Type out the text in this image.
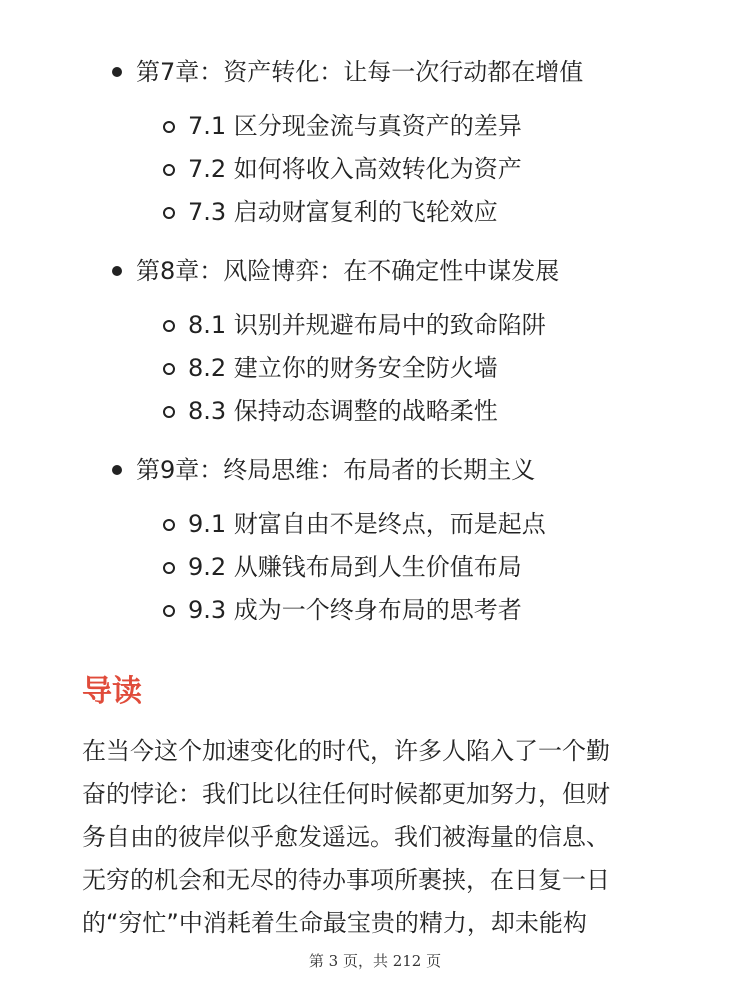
第7章：资产转化：让每一次行动都在增值
7.1 区分现金流与真资产的差异
7.2 如何将收入高效转化为资产
7.3 启动财富复利的飞轮效应
第8章：风险博弈：在不确定性中谋发展
8.1 识别并规避布局中的致命陷阱
8.2 建立你的财务安全防火墙
8.3 保持动态调整的战略柔性
第9章：终局思维：布局者的长期主义
9.1 财富自由不是终点，而是起点
9.2 从赚钱布局到人生价值布局
9.3 成为一个终身布局的思考者
导读

在当今这个加速变化的时代，许多人陷入了一个勤

奋的悖论：我们比以往任何时候都更加努力，但财

务自由的彼岸似乎愈发遥远。我们被海量的信息、

无穷的机会和无尽的待办事项所裹挟，在日复一日

的“穷忙”中消耗着生命最宝贵的精力，却未能构

第 3 页，共 212 页
